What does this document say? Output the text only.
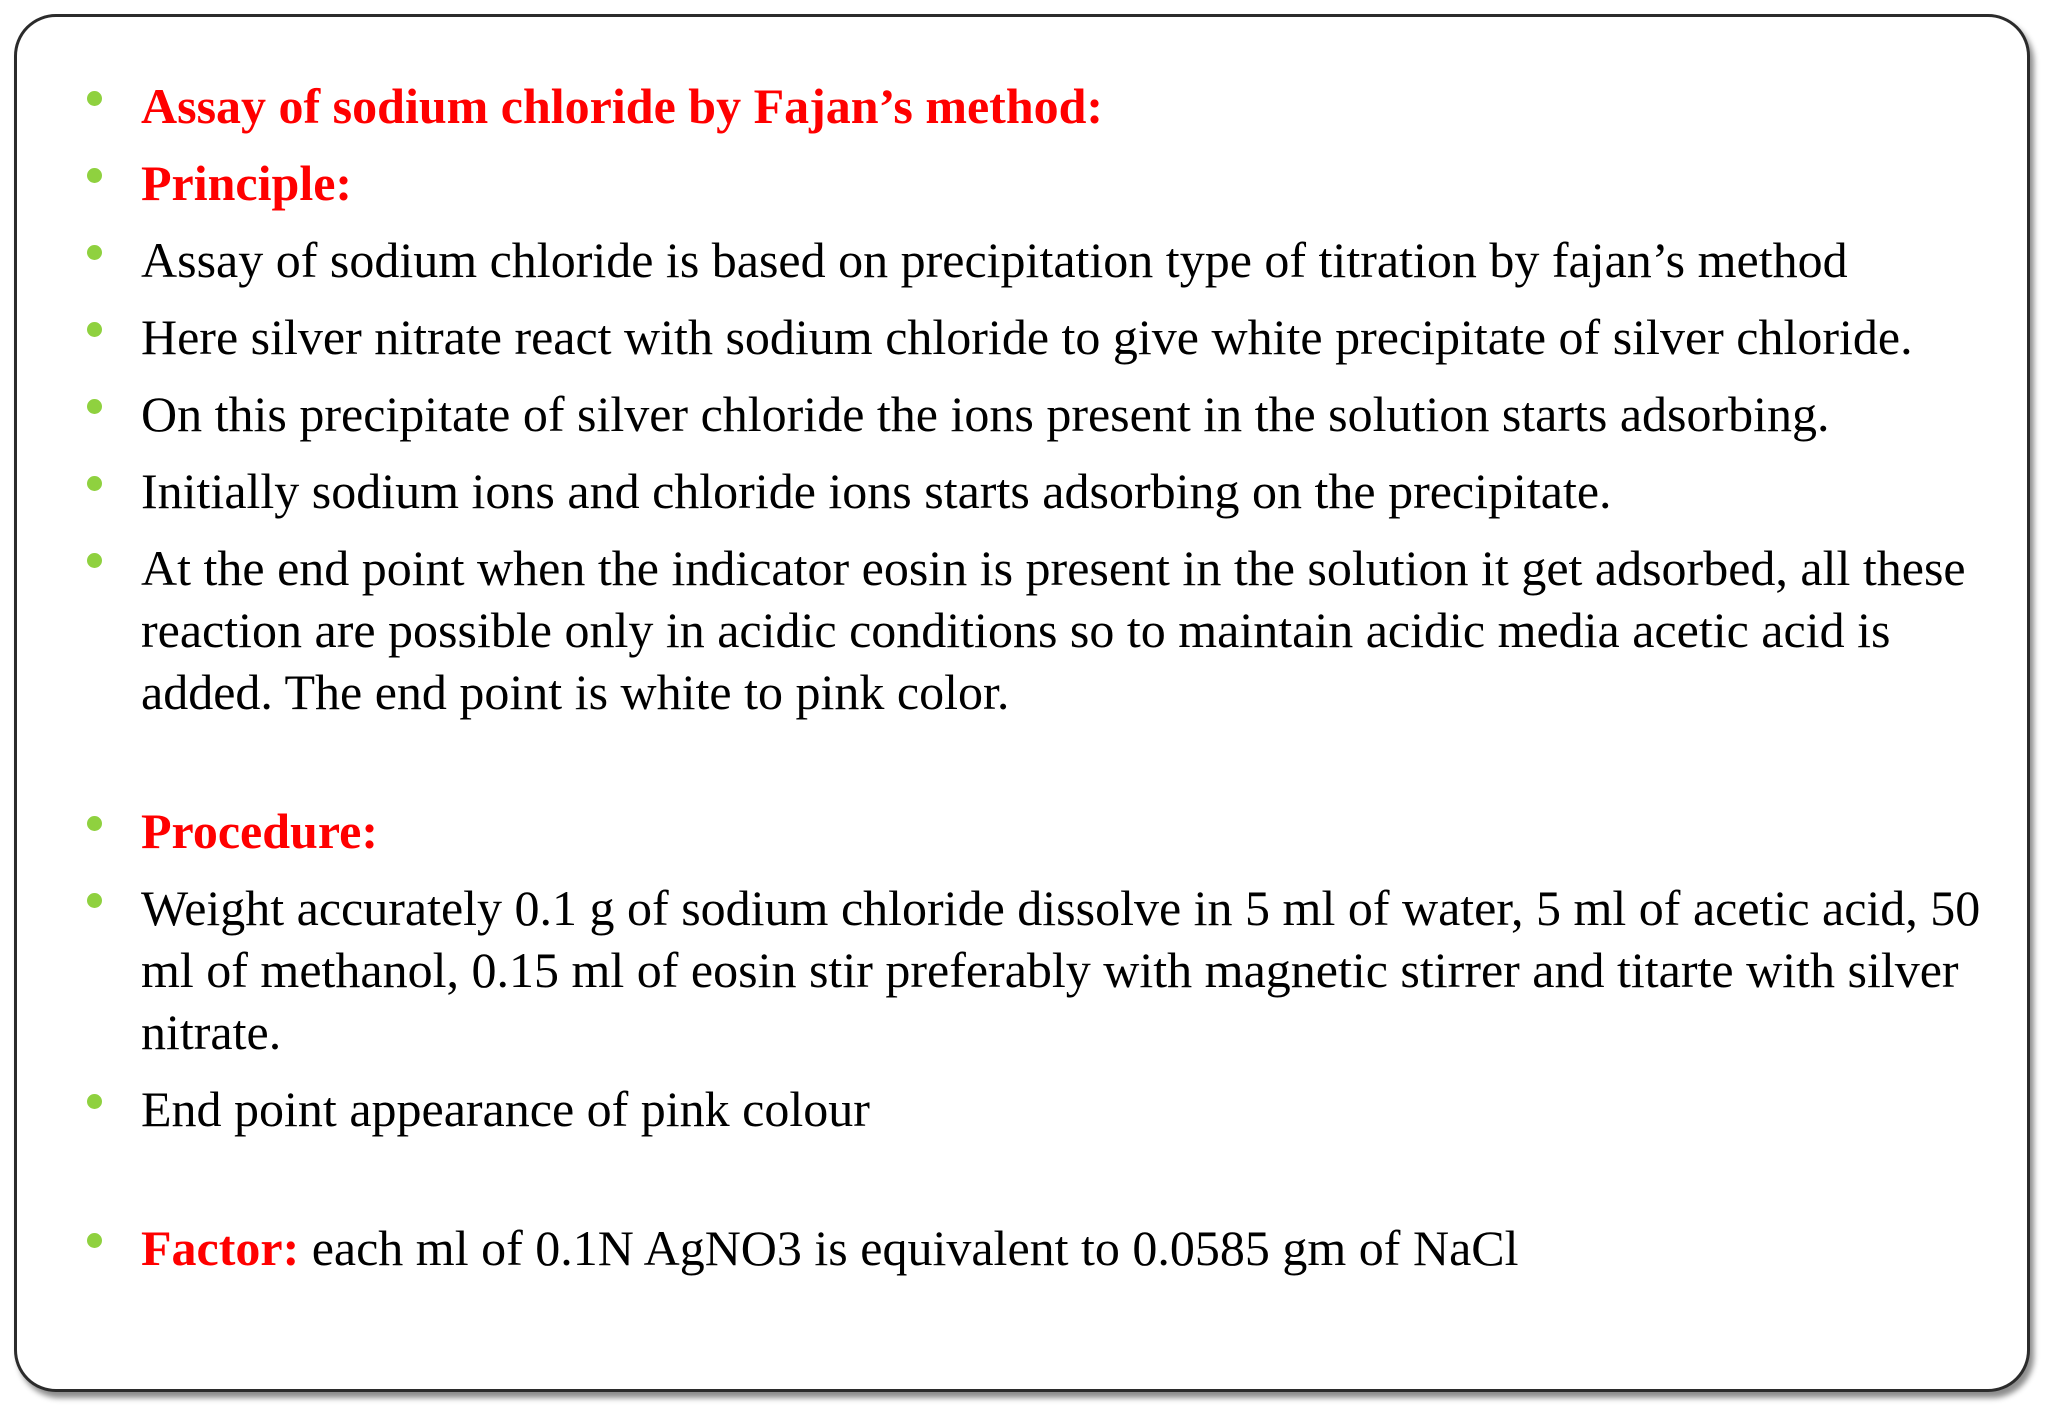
Assay of sodium chloride by Fajan’s method:
Principle:
Assay of sodium chloride is based on precipitation type of titration by fajan’s method
Here silver nitrate react with sodium chloride to give white precipitate of silver chloride.
On this precipitate of silver chloride the ions present in the solution starts adsorbing.
Initially sodium ions and chloride ions starts adsorbing on the precipitate.
At the end point when the indicator eosin is present in the solution it get adsorbed, all these reaction are possible only in acidic conditions so to maintain acidic media acetic acid is added. The end point is white to pink color.
Procedure:
Weight accurately 0.1 g of sodium chloride dissolve in 5 ml of water, 5 ml of acetic acid, 50 ml of methanol, 0.15 ml of eosin stir preferably with magnetic stirrer and titarte with silver nitrate.
End point appearance of pink colour
Factor: each ml of 0.1N AgNO3 is equivalent to 0.0585 gm of NaCl
